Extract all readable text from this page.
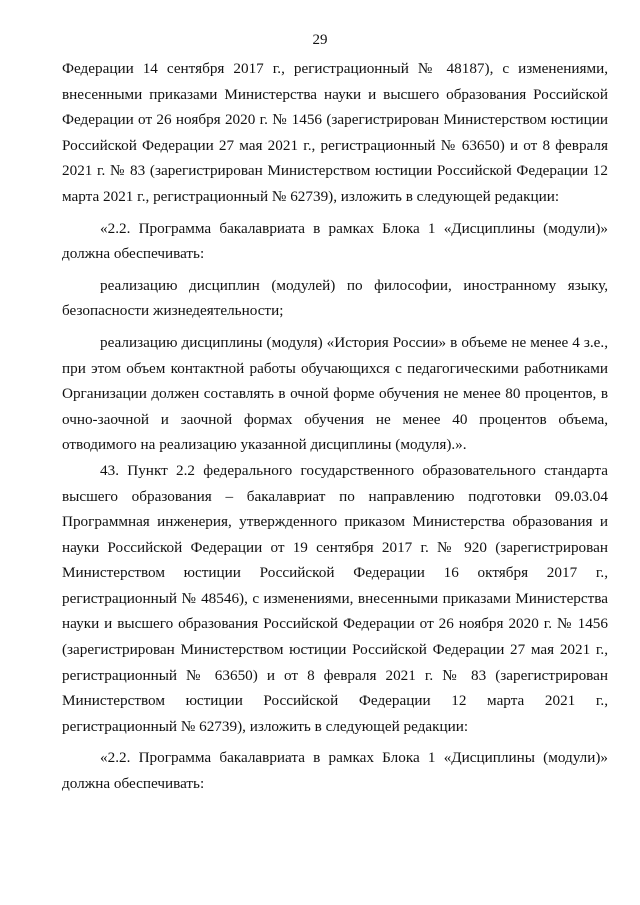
29

Федерации 14 сентября 2017 г., регистрационный № 48187), с изменениями, внесенными приказами Министерства науки и высшего образования Российской Федерации от 26 ноября 2020 г. № 1456 (зарегистрирован Министерством юстиции Российской Федерации 27 мая 2021 г., регистрационный № 63650) и от 8 февраля 2021 г. № 83 (зарегистрирован Министерством юстиции Российской Федерации 12 марта 2021 г., регистрационный № 62739), изложить в следующей редакции:

«2.2. Программа бакалавриата в рамках Блока 1 «Дисциплины (модули)» должна обеспечивать:

реализацию дисциплин (модулей) по философии, иностранному языку, безопасности жизнедеятельности;

реализацию дисциплины (модуля) «История России» в объеме не менее 4 з.е., при этом объем контактной работы обучающихся с педагогическими работниками Организации должен составлять в очной форме обучения не менее 80 процентов, в очно-заочной и заочной формах обучения не менее 40 процентов объема, отводимого на реализацию указанной дисциплины (модуля).».

43. Пункт 2.2 федерального государственного образовательного стандарта высшего образования – бакалавриат по направлению подготовки 09.03.04 Программная инженерия, утвержденного приказом Министерства образования и науки Российской Федерации от 19 сентября 2017 г. № 920 (зарегистрирован Министерством юстиции Российской Федерации 16 октября 2017 г., регистрационный № 48546), с изменениями, внесенными приказами Министерства науки и высшего образования Российской Федерации от 26 ноября 2020 г. № 1456 (зарегистрирован Министерством юстиции Российской Федерации 27 мая 2021 г., регистрационный № 63650) и от 8 февраля 2021 г. № 83 (зарегистрирован Министерством юстиции Российской Федерации 12 марта 2021 г., регистрационный № 62739), изложить в следующей редакции:

«2.2. Программа бакалавриата в рамках Блока 1 «Дисциплины (модули)» должна обеспечивать:
